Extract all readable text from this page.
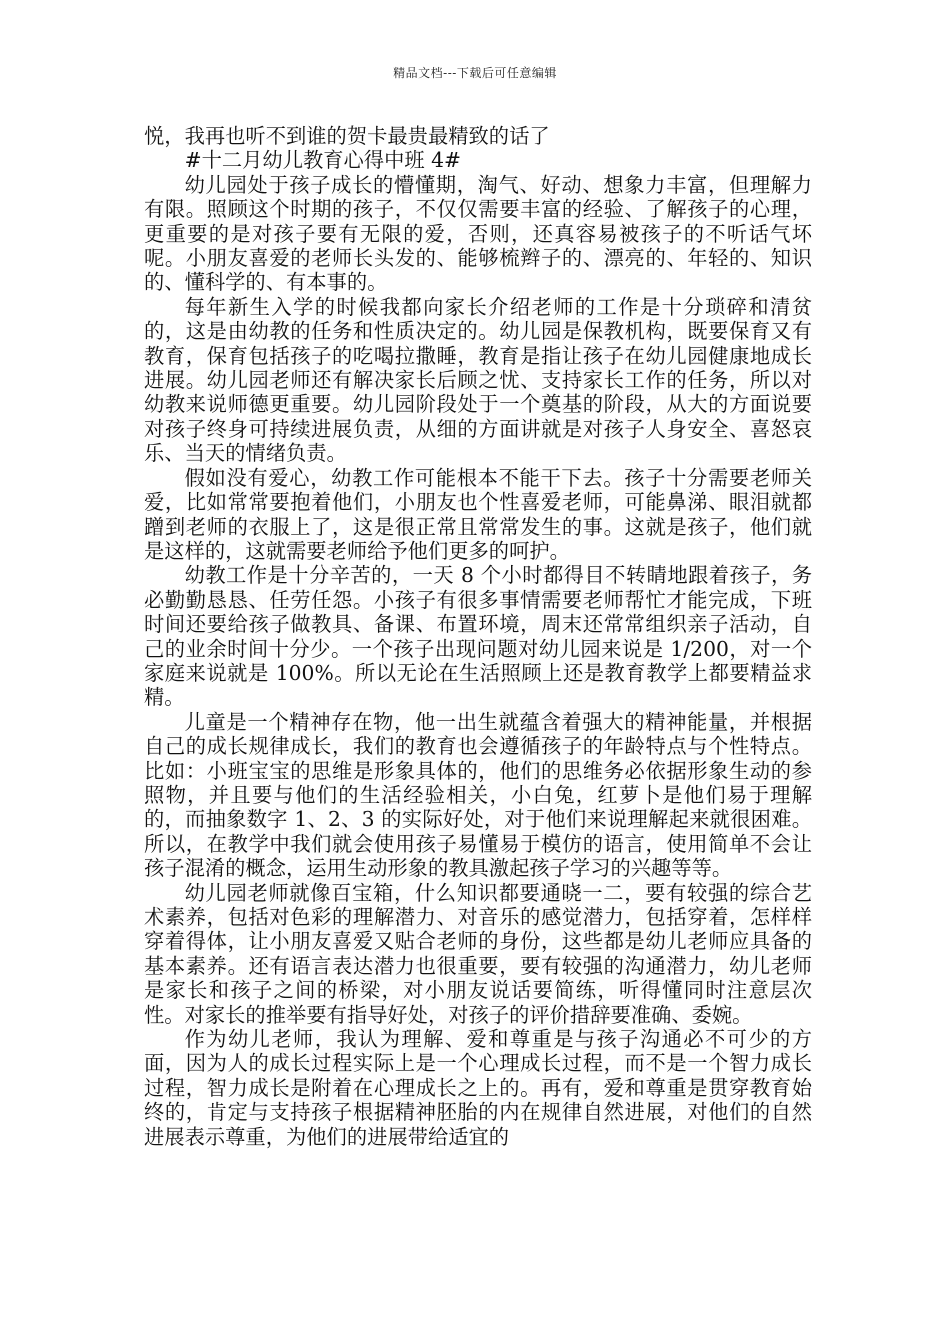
精品文档---下载后可任意编辑

悦，我再也听不到谁的贺卡最贵最精致的话了

#十二月幼儿教育心得中班 4#

幼儿园处于孩子成长的懵懂期，淘气、好动、想象力丰富，但理解力有限。照顾这个时期的孩子，不仅仅需要丰富的经验、了解孩子的心理，更重要的是对孩子要有无限的爱，否则，还真容易被孩子的不听话气坏呢。小朋友喜爱的老师长头发的、能够梳辫子的、漂亮的、年轻的、知识的、懂科学的、有本事的。

每年新生入学的时候我都向家长介绍老师的工作是十分琐碎和清贫的，这是由幼教的任务和性质决定的。幼儿园是保教机构，既要保育又有教育，保育包括孩子的吃喝拉撒睡，教育是指让孩子在幼儿园健康地成长进展。幼儿园老师还有解决家长后顾之忧、支持家长工作的任务，所以对幼教来说师德更重要。幼儿园阶段处于一个奠基的阶段，从大的方面说要对孩子终身可持续进展负责，从细的方面讲就是对孩子人身安全、喜怒哀乐、当天的情绪负责。

假如没有爱心，幼教工作可能根本不能干下去。孩子十分需要老师关爱，比如常常要抱着他们，小朋友也个性喜爱老师，可能鼻涕、眼泪就都蹭到老师的衣服上了，这是很正常且常常发生的事。这就是孩子，他们就是这样的，这就需要老师给予他们更多的呵护。

幼教工作是十分辛苦的，一天 8 个小时都得目不转睛地跟着孩子，务必勤勤恳恳、任劳任怨。小孩子有很多事情需要老师帮忙才能完成，下班时间还要给孩子做教具、备课、布置环境，周末还常常组织亲子活动，自己的业余时间十分少。一个孩子出现问题对幼儿园来说是 1/200，对一个家庭来说就是 100%。所以无论在生活照顾上还是教育教学上都要精益求精。

儿童是一个精神存在物，他一出生就蕴含着强大的精神能量，并根据自己的成长规律成长，我们的教育也会遵循孩子的年龄特点与个性特点。比如：小班宝宝的思维是形象具体的，他们的思维务必依据形象生动的参照物，并且要与他们的生活经验相关，小白兔，红萝卜是他们易于理解的，而抽象数字 1、2、3 的实际好处，对于他们来说理解起来就很困难。所以，在教学中我们就会使用孩子易懂易于模仿的语言，使用简单不会让孩子混淆的概念，运用生动形象的教具激起孩子学习的兴趣等等。

幼儿园老师就像百宝箱，什么知识都要通晓一二，要有较强的综合艺术素养，包括对色彩的理解潜力、对音乐的感觉潜力，包括穿着，怎样样穿着得体，让小朋友喜爱又贴合老师的身份，这些都是幼儿老师应具备的基本素养。还有语言表达潜力也很重要，要有较强的沟通潜力，幼儿老师是家长和孩子之间的桥梁，对小朋友说话要简练，听得懂同时注意层次性。对家长的推举要有指导好处，对孩子的评价措辞要准确、委婉。

作为幼儿老师，我认为理解、爱和尊重是与孩子沟通必不可少的方面，因为人的成长过程实际上是一个心理成长过程，而不是一个智力成长过程，智力成长是附着在心理成长之上的。再有，爱和尊重是贯穿教育始终的，肯定与支持孩子根据精神胚胎的内在规律自然进展，对他们的自然进展表示尊重，为他们的进展带给适宜的
